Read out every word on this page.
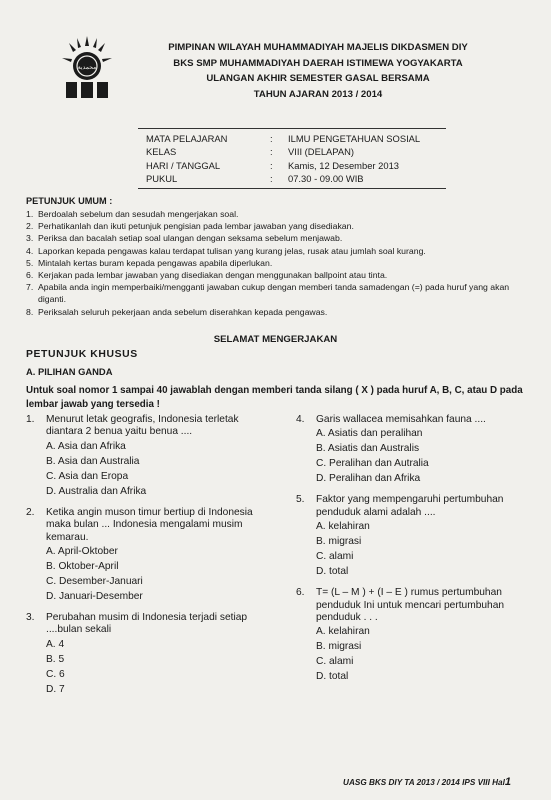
محمدية
PIMPINAN WILAYAH MUHAMMADIYAH MAJELIS DIKDASMEN DIY
BKS SMP MUHAMMADIYAH DAERAH ISTIMEWA YOGYAKARTA
ULANGAN AKHIR SEMESTER GASAL BERSAMA
TAHUN AJARAN 2013 / 2014
MATA PELAJARAN	:	ILMU PENGETAHUAN SOSIAL
KELAS	:	VIII (DELAPAN)
HARI / TANGGAL	:	Kamis, 12 Desember 2013
PUKUL	:	07.30 - 09.00 WIB
PETUNJUK UMUM :
1. Berdoalah sebelum dan sesudah mengerjakan soal.
2. Perhatikanlah dan ikuti petunjuk pengisian pada lembar jawaban yang disediakan.
3. Periksa dan bacalah setiap soal ulangan dengan seksama sebelum menjawab.
4. Laporkan kepada pengawas kalau terdapat tulisan yang kurang jelas, rusak atau jumlah soal kurang.
5. Mintalah kertas buram kepada pengawas apabila diperlukan.
6. Kerjakan pada lembar jawaban yang disediakan dengan menggunakan ballpoint atau tinta.
7. Apabila anda ingin memperbaiki/mengganti jawaban cukup dengan memberi tanda samadengan (=) pada huruf yang akan diganti.
8. Periksalah seluruh pekerjaan anda sebelum diserahkan kepada pengawas.
SELAMAT MENGERJAKAN
PETUNJUK KHUSUS
A. PILIHAN GANDA
Untuk soal nomor 1 sampai 40 jawablah dengan memberi tanda silang ( X ) pada huruf A, B, C, atau D pada lembar jawab yang tersedia !
1.	Menurut letak geografis, Indonesia terletak diantara 2 benua yaitu benua ....
A. Asia dan Afrika
B. Asia dan Australia
C. Asia dan Eropa
D. Australia dan Afrika
2.	Ketika angin muson timur bertiup di Indonesia maka bulan ... Indonesia mengalami musim kemarau.
A. April-Oktober
B. Oktober-April
C. Desember-Januari
D. Januari-Desember
3.	Perubahan musim di Indonesia terjadi setiap ....bulan sekali
A. 4
B. 5
C. 6
D. 7
4.	Garis wallacea memisahkan fauna ....
A. Asiatis dan peralihan
B. Asiatis dan Australis
C. Peralihan dan Autralia
D. Peralihan dan Afrika
5.	Faktor yang mempengaruhi pertumbuhan penduduk alami adalah ....
A. kelahiran
B. migrasi
C. alami
D. total
6.	T= (L – M ) + (I – E ) rumus pertumbuhan penduduk Ini untuk mencari pertumbuhan penduduk . . .
A. kelahiran
B. migrasi
C. alami
D. total
UASG BKS DIY TA 2013 / 2014 IPS VIII Hal1
